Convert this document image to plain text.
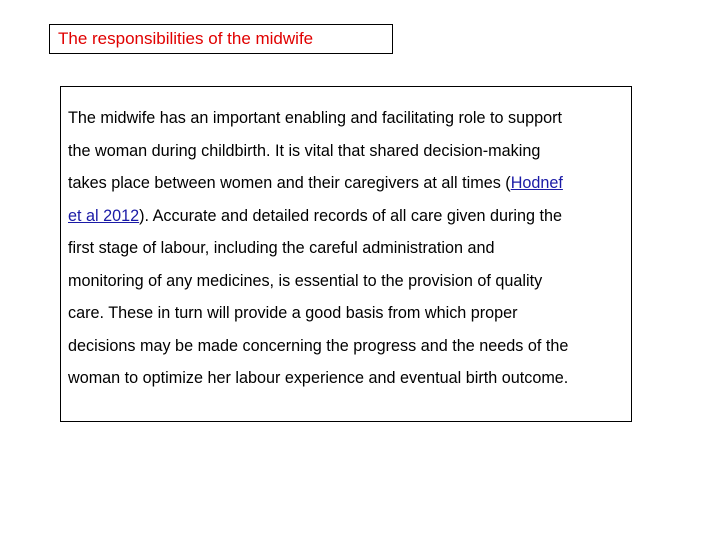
The responsibilities of the midwife

The midwife has an important enabling and facilitating role to support
the woman during childbirth. It is vital that shared decision-making
takes place between women and their caregivers at all times (Hodnef
et al 2012). Accurate and detailed records of all care given during the
first stage of labour, including the careful administration and
monitoring of any medicines, is essential to the provision of quality
care. These in turn will provide a good basis from which proper
decisions may be made concerning the progress and the needs of the
woman to optimize her labour experience and eventual birth outcome.
